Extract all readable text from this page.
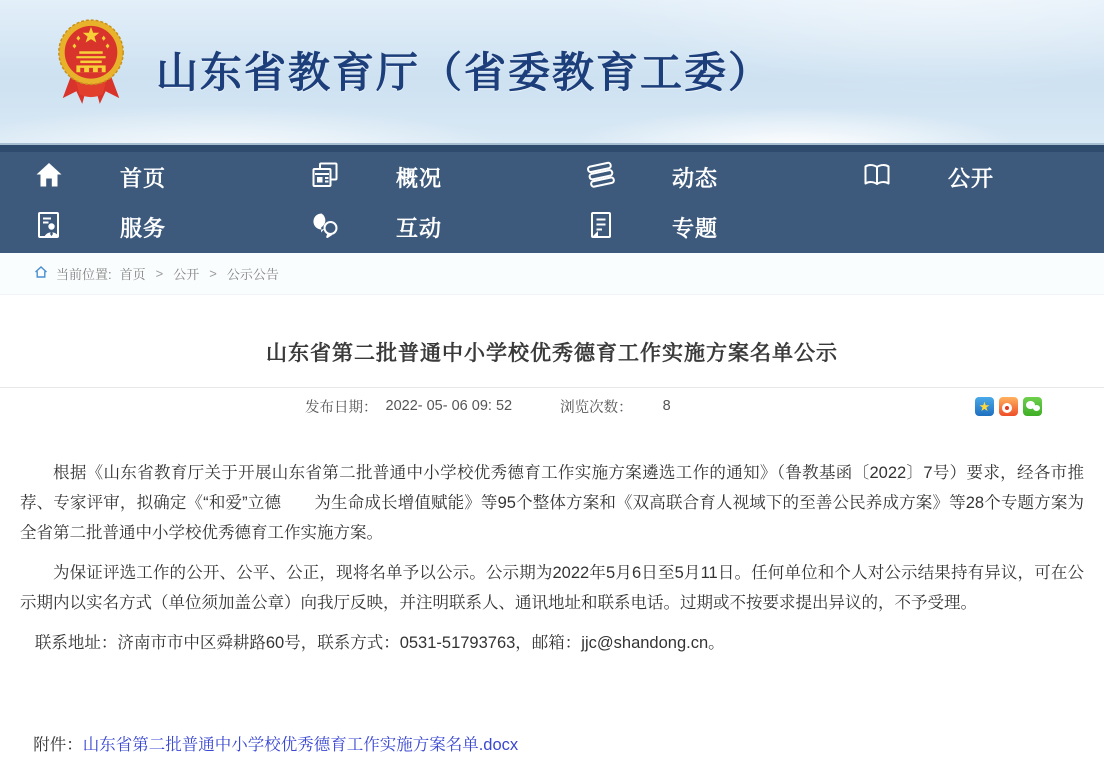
山东省教育厅（省委教育工委）
首页	概况	动态	公开
服务	互动	专题
当前位置: 首页 > 公开 > 公示公告
山东省第二批普通中小学校优秀德育工作实施方案名单公示
发布日期： 2022- 05- 06 09: 52	浏览次数： 8	★

根据《山东省教育厅关于开展山东省第二批普通中小学校优秀德育工作实施方案遴选工作的通知》（鲁教基函〔2022〕7号）要求，经各市推荐、专家评审，拟确定《“和爱”立德　　为生命成长增值赋能》等95个整体方案和《双高联合育人视域下的至善公民养成方案》等28个专题方案为全省第二批普通中小学校优秀德育工作实施方案。

为保证评选工作的公开、公平、公正，现将名单予以公示。公示期为2022年5月6日至5月11日。任何单位和个人对公示结果持有异议，可在公示期内以实名方式（单位须加盖公章）向我厅反映，并注明联系人、通讯地址和联系电话。过期或不按要求提出异议的，不予受理。

联系地址：济南市市中区舜耕路60号，联系方式：0531-51793763，邮箱：jjc@shandong.cn。

附件：山东省第二批普通中小学校优秀德育工作实施方案名单.docx
